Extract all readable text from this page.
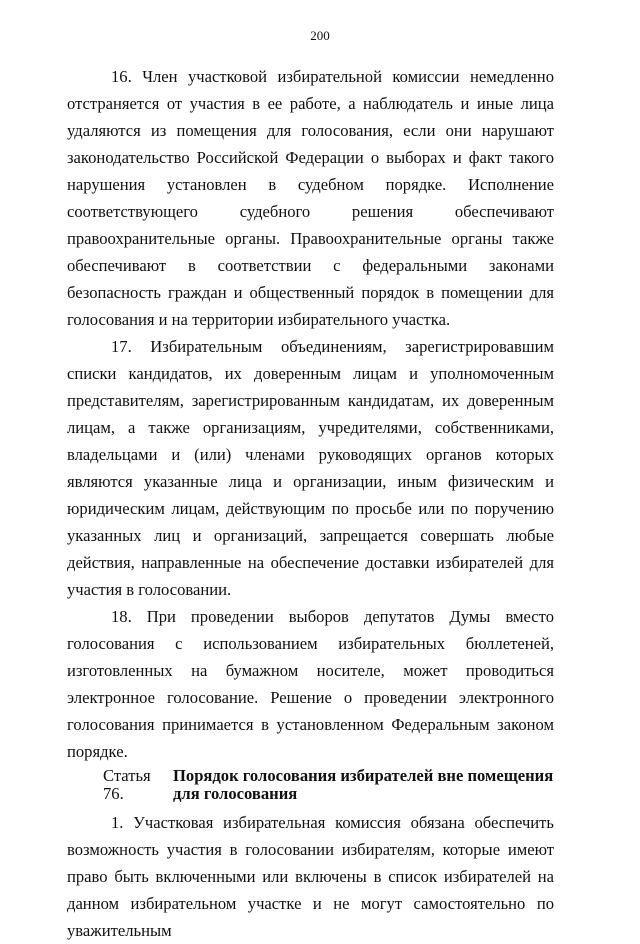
200

16. Член участковой избирательной комиссии немедленно отстраняется от участия в ее работе, а наблюдатель и иные лица удаляются из помещения для голосования, если они нарушают законодательство Российской Федерации о выборах и факт такого нарушения установлен в судебном порядке. Исполнение соответствующего судебного решения обеспечивают правоохранительные органы. Правоохранительные органы также обеспечивают в соответствии с федеральными законами безопасность граждан и общественный порядок в помещении для голосования и на территории избирательного участка.

17. Избирательным объединениям, зарегистрировавшим списки кандидатов, их доверенным лицам и уполномоченным представителям, зарегистрированным кандидатам, их доверенным лицам, а также организациям, учредителями, собственниками, владельцами и (или) членами руководящих органов которых являются указанные лица и организации, иным физическим и юридическим лицам, действующим по просьбе или по поручению указанных лиц и организаций, запрещается совершать любые действия, направленные на обеспечение доставки избирателей для участия в голосовании.

18. При проведении выборов депутатов Думы вместо голосования с использованием избирательных бюллетеней, изготовленных на бумажном носителе, может проводиться электронное голосование. Решение о проведении электронного голосования принимается в установленном Федеральным законом порядке.

Статья 76.
Порядок голосования избирателей вне помещения для голосования

1. Участковая избирательная комиссия обязана обеспечить возможность участия в голосовании избирателям, которые имеют право быть включенными или включены в список избирателей на данном избирательном участке и не могут самостоятельно по уважительным
